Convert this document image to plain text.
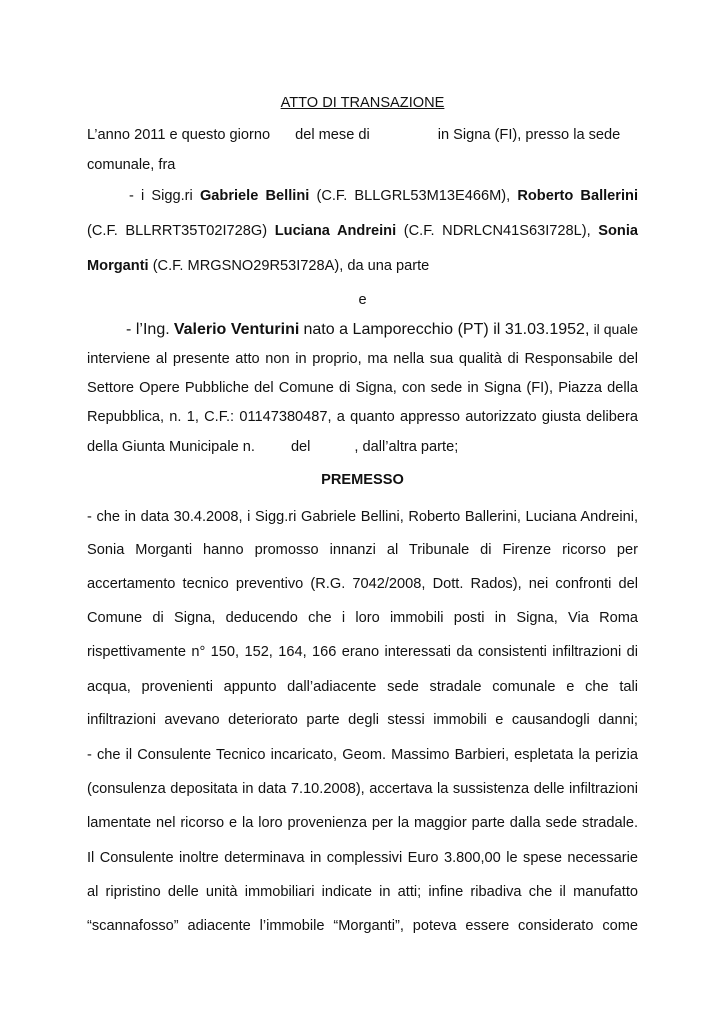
ATTO DI TRANSAZIONE
L’anno 2011 e questo giorno del mese di	in Signa (FI), presso la sede
comunale, fra
- i Sigg.ri Gabriele Bellini (C.F. BLLGRL53M13E466M), Roberto Ballerini
(C.F. BLLRRT35T02I728G) Luciana Andreini (C.F. NDRLCN41S63I728L), Sonia
Morganti (C.F. MRGSNO29R53I728A), da una parte
e
- l’Ing. Valerio Venturini nato a Lamporecchio (PT) il 31.03.1952, il quale
interviene al presente atto non in proprio, ma nella sua qualità di Responsabile del
Settore Opere Pubbliche del Comune di Signa, con sede in Signa (FI), Piazza della
Repubblica, n. 1, C.F.: 01147380487, a quanto appresso autorizzato giusta delibera
della Giunta Municipale n. del	, dall’altra parte;
PREMESSO
- che in data 30.4.2008, i Sigg.ri Gabriele Bellini, Roberto Ballerini, Luciana Andreini,
Sonia Morganti hanno promosso innanzi al Tribunale di Firenze ricorso per
accertamento tecnico preventivo (R.G. 7042/2008, Dott. Rados), nei confronti del
Comune di Signa, deducendo che i loro immobili posti in Signa, Via Roma
rispettivamente n° 150, 152, 164, 166 erano interessati da consistenti infiltrazioni di
acqua, provenienti appunto dall’adiacente sede stradale comunale e che tali
infiltrazioni avevano deteriorato parte degli stessi immobili e causandogli danni;
- che il Consulente Tecnico incaricato, Geom. Massimo Barbieri, espletata la perizia
(consulenza depositata in data 7.10.2008), accertava la sussistenza delle infiltrazioni
lamentate nel ricorso e la loro provenienza per la maggior parte dalla sede stradale.
Il Consulente inoltre determinava in complessivi Euro 3.800,00 le spese necessarie
al ripristino delle unità immobiliari indicate in atti; infine ribadiva che il manufatto
“scannafosso” adiacente l’immobile “Morganti”, poteva essere considerato come
